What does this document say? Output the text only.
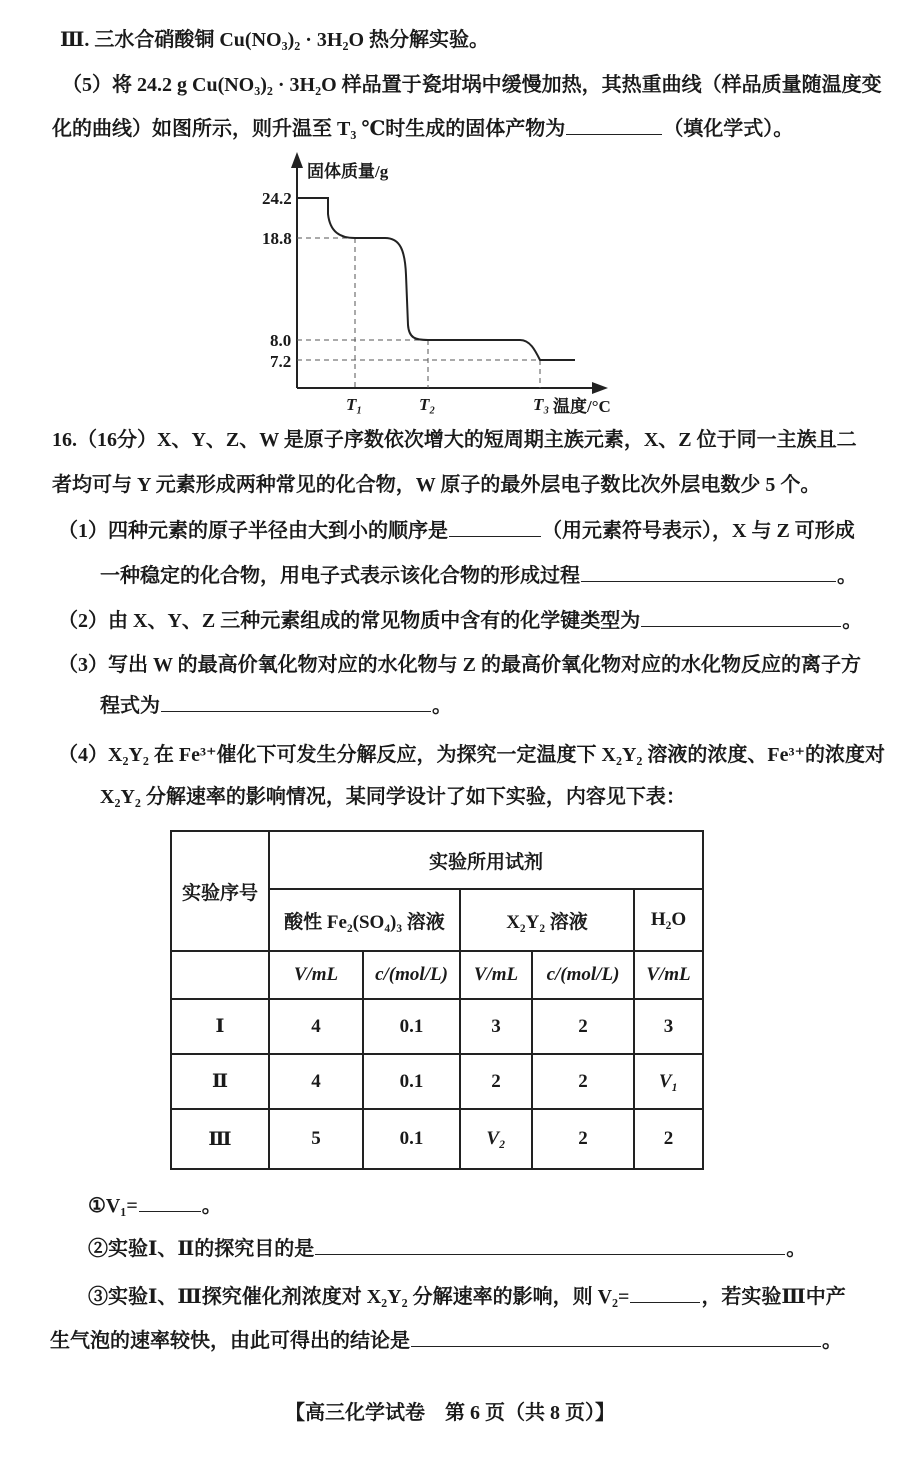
Ⅲ. 三水合硝酸铜 Cu(NO₃)₂ · 3H₂O 热分解实验。
（5）将 24.2 g Cu(NO₃)₂ · 3H₂O 样品置于瓷坩埚中缓慢加热，其热重曲线（样品质量随温度变
化的曲线）如图所示，则升温至 T₃ ℃时生成的固体产物为	（填化学式）。
固体质量/g
24.2
18.8
8.0
7.2
T₁	T₂	T₃ 温度/°C
16.（16分）X、Y、Z、W 是原子序数依次增大的短周期主族元素，X、Z 位于同一主族且二
者均可与 Y 元素形成两种常见的化合物，W 原子的最外层电子数比次外层电数少 5 个。
（1）四种元素的原子半径由大到小的顺序是	（用元素符号表示），X 与 Z 可形成
一种稳定的化合物，用电子式表示该化合物的形成过程	。
（2）由 X、Y、Z 三种元素组成的常见物质中含有的化学键类型为	。
（3）写出 W 的最高价氧化物对应的水化物与 Z 的最高价氧化物对应的水化物反应的离子方
程式为	。
（4）X₂Y₂ 在 Fe³⁺催化下可发生分解反应，为探究一定温度下 X₂Y₂ 溶液的浓度、Fe³⁺的浓度对
X₂Y₂ 分解速率的影响情况，某同学设计了如下实验，内容见下表：
实验序号	实验所用试剂				
	酸性 Fe₂(SO₄)₃ 溶液		X₂Y₂ 溶液		H₂O
	V/mL	c/(mol/L)	V/mL	c/(mol/L)	V/mL
Ⅰ	4	0.1	3	2	3
Ⅱ	4	0.1	2	2	V₁
Ⅲ	5	0.1	V₂	2	2
①V₁=	。
②实验Ⅰ、Ⅱ的探究目的是	。
③实验Ⅰ、Ⅲ探究催化剂浓度对 X₂Y₂ 分解速率的影响，则 V₂=	，若实验Ⅲ中产
生气泡的速率较快，由此可得出的结论是	。
【高三化学试卷　第 6 页（共 8 页）】
